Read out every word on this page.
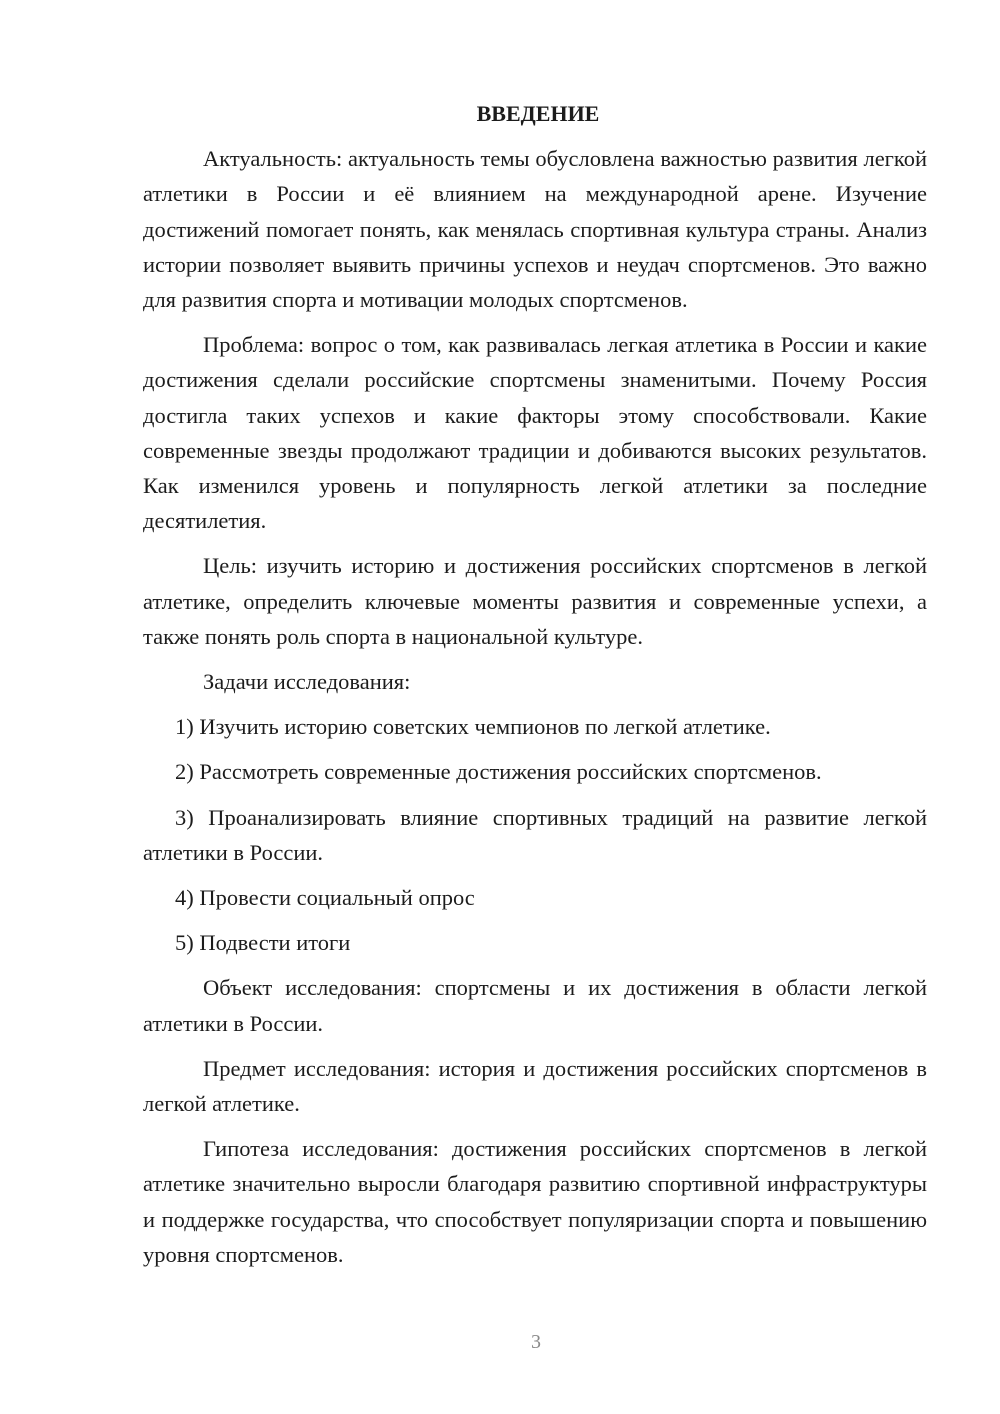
ВВЕДЕНИЕ

Актуальность: актуальность темы обусловлена важностью развития легкой атлетики в России и её влиянием на международной арене. Изучение достижений помогает понять, как менялась спортивная культура страны. Анализ истории позволяет выявить причины успехов и неудач спортсменов. Это важно для развития спорта и мотивации молодых спортсменов.

Проблема: вопрос о том, как развивалась легкая атлетика в России и какие достижения сделали российские спортсмены знаменитыми. Почему Россия достигла таких успехов и какие факторы этому способствовали. Какие современные звезды продолжают традиции и добиваются высоких результатов. Как изменился уровень и популярность легкой атлетики за последние десятилетия.

Цель: изучить историю и достижения российских спортсменов в легкой атлетике, определить ключевые моменты развития и современные успехи, а также понять роль спорта в национальной культуре.

Задачи исследования:

1) Изучить историю советских чемпионов по легкой атлетике.

2) Рассмотреть современные достижения российских спортсменов.

3) Проанализировать влияние спортивных традиций на развитие легкой атлетики в России.

4) Провести социальный опрос

5) Подвести итоги

Объект исследования: спортсмены и их достижения в области легкой атлетики в России.

Предмет исследования: история и достижения российских спортсменов в легкой атлетике.

Гипотеза исследования: достижения российских спортсменов в легкой атлетике значительно выросли благодаря развитию спортивной инфраструктуры и поддержке государства, что способствует популяризации спорта и повышению уровня спортсменов.

3
